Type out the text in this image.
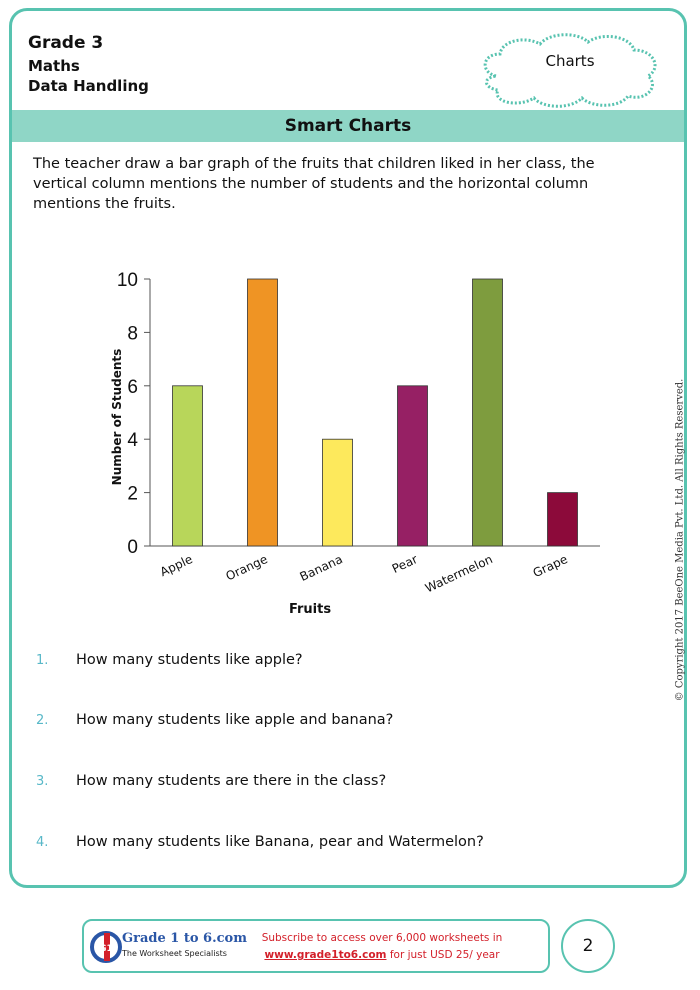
Grade 3
Maths
Data Handling
Charts
Smart Charts
The teacher draw a bar graph of the fruits that children liked in her class, the vertical column mentions the number of students and the horizontal column mentions the fruits.
0
2
4
6
8
10
Apple Orange Banana	Pear Watermelon	Grape
Fruits
Number of Students
1. How many students like apple?
2. How many students like apple and banana?
3. How many students are there in the class?
4. How many students like Banana, pear and Watermelon?
© Copyright 2017 BeeOne Media Pvt. Ltd. All Rights Reserved.
G1
Grade 1 to 6.com
The Worksheet Specialists
Subscribe to access over 6,000 worksheets in
www.grade1to6.com for just USD 25/ year	2
